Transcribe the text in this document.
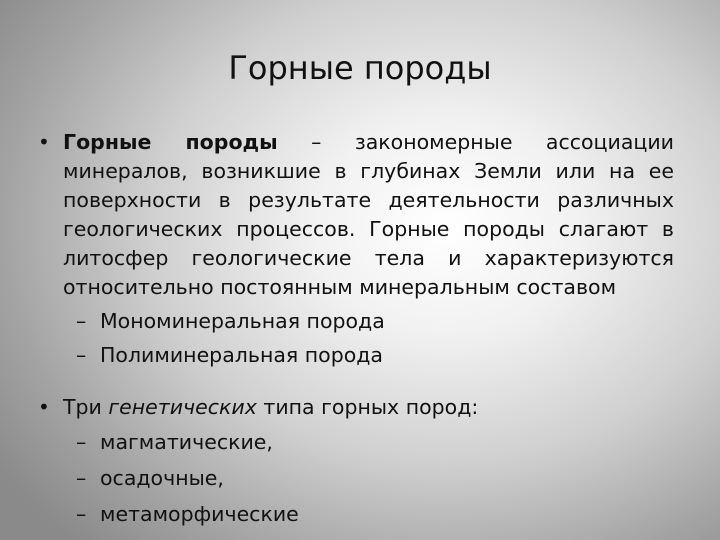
Горные породы
• Горные породы – закономерные ассоциации минералов, возникшие в глубинах Земли или на ее поверхности в результате деятельности различных геологических процессов. Горные породы слагают в литосфер геологические тела и характеризуются относительно постоянным минеральным составом
– Мономинеральная порода
– Полиминеральная порода
• Три генетических типа горных пород:
– магматические,
– осадочные,
– метаморфические
